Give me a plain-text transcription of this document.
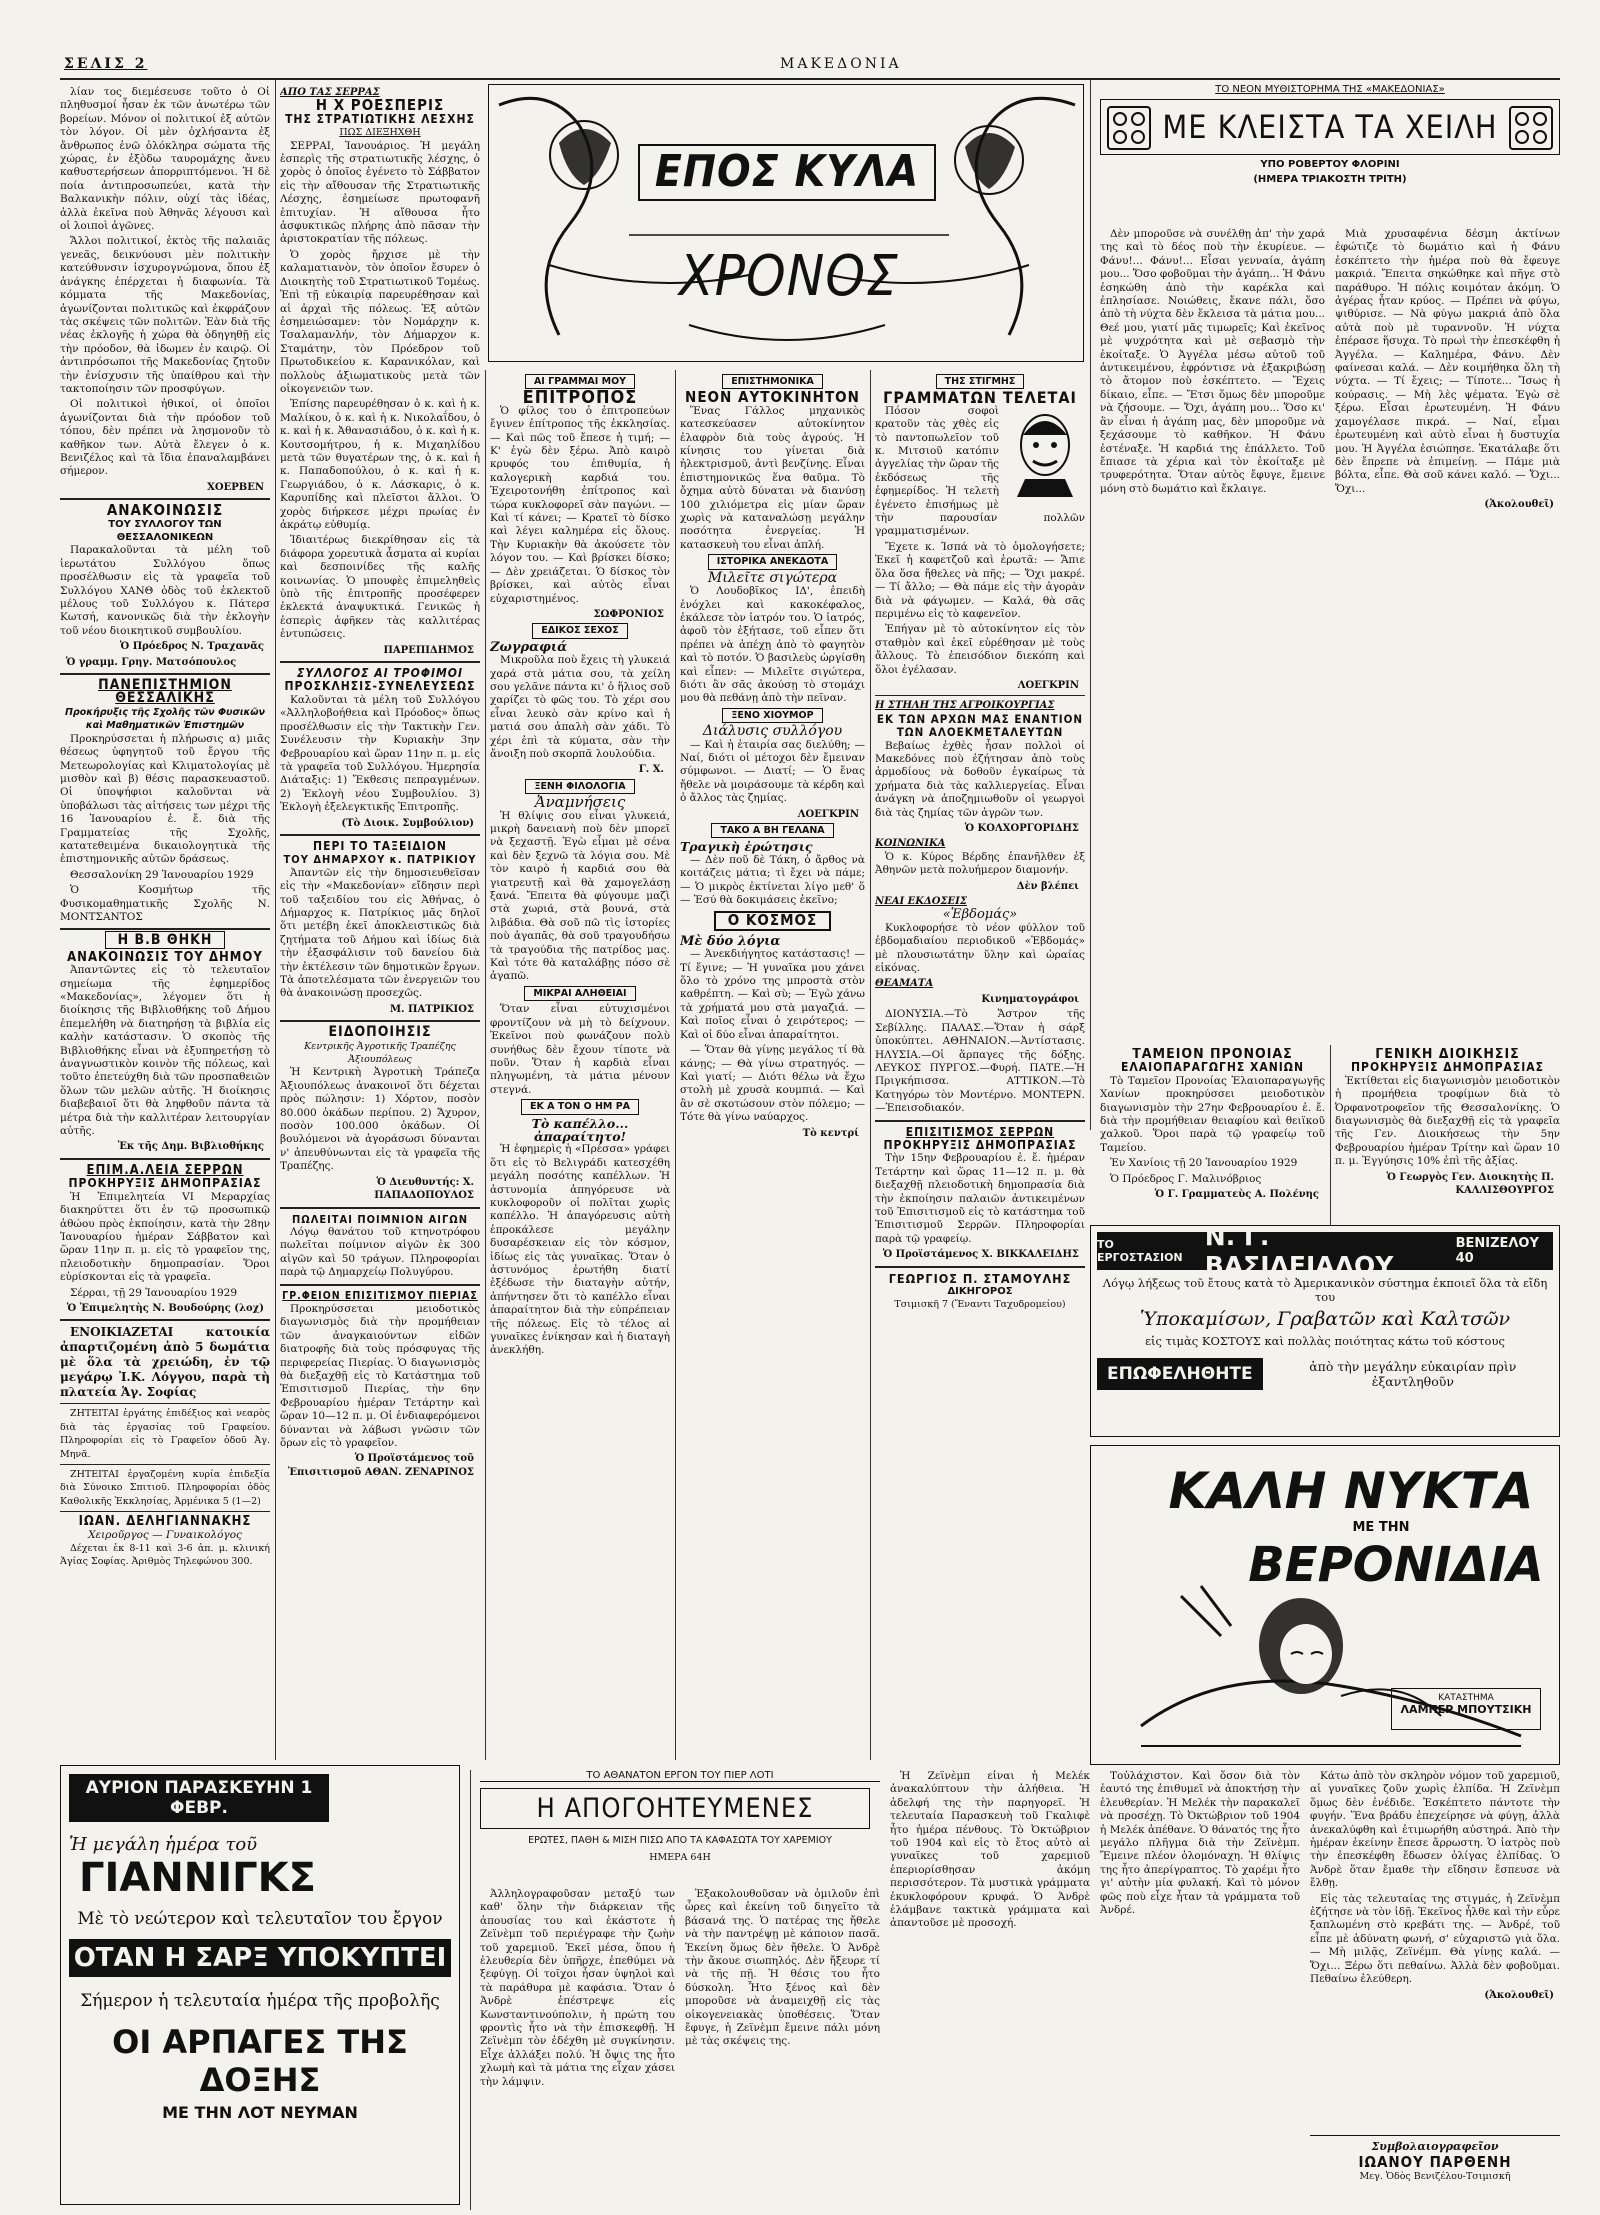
ΣΕΛΙΣ 2	ΜΑΚΕΔΟΝΙΑ

λίαν τος διεμέσευσε τοῦτο ὁ Οἱ πληθυσμοί ἦσαν ἐκ τῶν ἀνωτέρω τῶν βορείων. Μόνον οἱ πολιτικοί ἐξ αὐτῶν τὸν λόγον. Οἱ μὲν ὀχλήσαντα ἐξ ἄνθρωπος ἐνῶ ὁλόκληρα σώματα τῆς χώρας, ἐν ἐξὸδω ταυρομάχης ἄνευ καθυστερήσεων ἀπορριπτόμενοι. Ἡ δὲ ποία ἀντιπροσωπεύει, κατὰ τὴν Βαλκανικὴν πόλιν, οὐχί τὰς ἰδέας, ἀλλὰ ἐκεῖνα ποὺ Ἀθηνᾶς λέγουσι καὶ οἱ λοιποὶ ἀγῶνες.

Ἄλλοι πολιτικοί, ἐκτὸς τῆς παλαιᾶς γενεᾶς, δεικνύουσι μὲν πολιτικὴν κατεύθυνσιν ἰσχυρογνώμονα, ὅπου ἐξ ἀνάγκης ἐπέρχεται ἡ διαφωνία. Τὰ κόμματα τῆς Μακεδονίας, ἀγωνίζονται πολιτικῶς καὶ ἐκφράζουν τὰς σκέψεις τῶν πολιτῶν. Ἐὰν διὰ τῆς νέας ἐκλογῆς ἡ χώρα θὰ ὁδηγηθῇ εἰς τὴν πρόοδον, θὰ ἰδωμεν ἐν καιρῷ. Οἱ ἀντιπρόσωποι τῆς Μακεδονίας ζητοῦν τὴν ἐνίσχυσιν τῆς ὑπαίθρου καὶ τὴν τακτοποίησιν τῶν προσφύγων.

Οἱ πολιτικοὶ ἠθικοί, οἱ ὁποῖοι ἀγωνίζονται διὰ τὴν πρόοδον τοῦ τόπου, δὲν πρέπει νὰ λησμονοῦν τὸ καθῆκον των. Αὐτὰ ἔλεγεν ὁ κ. Βενιζέλος καὶ τὰ ἴδια ἐπαναλαμβάνει σήμερον.

ΧΟΕΡΒΕΝ
ΑΝΑΚΟΙΝΩΣΙΣ
ΤΟΥ ΣΥΛΛΟΓΟΥ ΤΩΝ ΘΕΣΣΑΛΟΝΙΚΕΩΝ

Παρακαλοῦνται τὰ μέλη τοῦ ἱερωτάτου Συλλόγου ὅπως προσέλθωσιν εἰς τὰ γραφεῖα τοῦ Συλλόγου ΧΑΝΘ ὁδὸς τοῦ ἐκλεκτοῦ μέλους τοῦ Συλλόγου κ. Πάτερσ Κωτσή, κανονικῶς διὰ τὴν ἐκλογὴν τοῦ νέου διοικητικοῦ συμβουλίου.

Ὁ Πρόεδρος Ν. Τραχανᾶς
Ὁ γραμμ. Γρηγ. Ματσόπουλος
ΠΑΝΕΠΙΣΤΗΜΙΟΝ ΘΕΣΣΑΛΙΚΗΣ
Προκήρυξις τῆς Σχολῆς τῶν Φυσικῶν καὶ Μαθηματικῶν Ἐπιστημῶν

Προκηρύσσεται ἡ πλήρωσις α) μιᾶς θέσεως ὑφηγητοῦ τοῦ ἔργου τῆς Μετεωρολογίας καὶ Κλιματολογίας μὲ μισθὸν καὶ β) θέσις παρασκευαστοῦ. Οἱ ὑποψήφιοι καλοῦνται νὰ ὑποβάλωσι τὰς αἰτήσεις των μέχρι τῆς 16 Ἰανουαρίου ἐ. ἔ. διὰ τῆς Γραμματείας τῆς Σχολῆς, κατατεθειμένα δικαιολογητικὰ τῆς ἐπιστημονικῆς αὐτῶν δράσεως.

Θεσσαλονίκη 29 Ἰανουαρίου 1929

Ὁ Κοσμήτωρ τῆς Φυσικομαθηματικῆς Σχολῆς Ν. ΜΟΝΤΣΑΝΤΟΣ

Η Β.Β ΘΗΚΗ
ΑΝΑΚΟΙΝΩΣΙΣ ΤΟΥ ΔΗΜΟΥ

Ἀπαντῶντες εἰς τὸ τελευταῖον σημείωμα τῆς ἐφημερίδος «Μακεδονίας», λέγομεν ὅτι ἡ διοίκησις τῆς Βιβλιοθήκης τοῦ Δήμου ἐπεμελήθη νὰ διατηρήσῃ τὰ βιβλία εἰς καλὴν κατάστασιν. Ὁ σκοπὸς τῆς Βιβλιοθήκης εἶναι νὰ ἐξυπηρετήσῃ τὸ ἀναγνωστικὸν κοινὸν τῆς πόλεως, καὶ τοῦτο ἐπετεύχθη διὰ τῶν προσπαθειῶν ὅλων τῶν μελῶν αὐτῆς. Ἡ διοίκησις διαβεβαιοῖ ὅτι θὰ ληφθοῦν πάντα τὰ μέτρα διὰ τὴν καλλιτέραν λειτουργίαν αὐτῆς.

Ἐκ τῆς Δημ. Βιβλιοθήκης
ΕΠΙΜ.Α.ΛΕΙΑ ΣΕΡΡΩΝ
ΠΡΟΚΗΡΥΞΙΣ ΔΗΜΟΠΡΑΣΙΑΣ

Ἡ Ἐπιμελητεία VI Μεραρχίας διακηρύττει ὅτι ἐν τῷ προσωπικῷ ἀθώου πρὸς ἐκποίησιν, κατὰ τὴν 28ην Ἰανουαρίου ἡμέραν Σάββατον καὶ ὥραν 11ην π. μ. εἰς τὸ γραφεῖον της, πλειοδοτικὴν δημοπρασίαν. Ὅροι εὑρίσκονται εἰς τὰ γραφεῖα.

Σέρραι, τῇ 29 Ἰανουαρίου 1929

Ὁ Ἐπιμελητὴς Ν. Βουδούρης (λοχ)

ΕΝΟΙΚΙΑΖΕΤΑΙ κατοικία ἀπαρτιζομένη ἀπὸ 5 δωμάτια μὲ ὅλα τὰ χρειώδη, ἐν τῷ μεγάρῳ Ἰ.Κ. Λόγγου, παρὰ τὴ πλατεία Ἁγ. Σοφίας

ΖΗΤΕΙΤΑΙ ἐργάτης ἐπιδέξιος καὶ νεαρὸς διὰ τὰς ἐργασίας τοῦ Γραφείου. Πληροφορίαι εἰς τὸ Γραφεῖον ὁδοῦ Ἀγ. Μηνᾶ.

ΖΗΤΕΙΤΑΙ ἐργαζομένη κυρία ἐπιδεξία διὰ Σύνοικο Σπιτιοῦ. Πληροφορίαι ὁδὸς Καθολικῆς Ἐκκλησίας, Ἀρμένικα 5 (1—2)

ΙΩΑΝ. ΔΕΛΗΓΙΑΝΝΑΚΗΣ
Χειροῦργος — Γυναικολόγος

Δέχεται ἐκ 8-11 καὶ 3-6 ἀπ. μ. κλινική Ἀγίας Σοφίας. Ἀριθμὸς Τηλεφώνου 300.

ΑΥΡΙΟΝ ΠΑΡΑΣΚΕΥΗΝ 1 ΦΕΒΡ.
Ἡ μεγάλη ἡμέρα τοῦ ΓΙΑΝΝΙΓΚΣ
Μὲ τὸ νεώτερον καὶ τελευταῖον του ἔργον
ΟΤΑΝ Η ΣΑΡΞ ΥΠΟΚΥΠΤΕΙ
Σήμερον ἡ τελευταία ἡμέρα τῆς προβολῆς
ΟΙ ΑΡΠΑΓΕΣ ΤΗΣ ΔΟΞΗΣ
ΜΕ ΤΗΝ ΛΟΤ ΝΕΥΜΑΝ
ΑΠΟ ΤΑΣ ΣΕΡΡΑΣ
Η Χ ΡΟΕΣΠΕΡΙΣ
ΤΗΣ ΣΤΡΑΤΙΩΤΙΚΗΣ ΛΕΣΧΗΣ
ΠΩΣ ΔΙΕΞΗΧΘΗ

ΣΕΡΡΑΙ, Ἰανουάριος. Ἡ μεγάλη ἐσπερὶς τῆς στρατιωτικῆς λέσχης, ὁ χορὸς ὁ ὁποῖος ἐγένετο τὸ Σάββατον εἰς τὴν αἴθουσαν τῆς Στρατιωτικῆς Λέσχης, ἐσημείωσε πρωτοφανῆ ἐπιτυχίαν. Ἡ αἴθουσα ἦτο ἀσφυκτικῶς πλήρης ἀπὸ πᾶσαν τὴν ἀριστοκρατίαν τῆς πόλεως.

Ὁ χορὸς ἤρχισε μὲ τὴν καλαματιανὸν, τὸν ὁποῖον ἔσυρεν ὁ Διοικητὴς τοῦ Στρατιωτικοῦ Τομέως. Ἐπὶ τῇ εὐκαιρίᾳ παρευρέθησαν καὶ αἱ ἀρχαὶ τῆς πόλεως. Ἐξ αὐτῶν ἐσημειώσαμεν: τὸν Νομάρχην κ. Τσαλαμανλήν, τὸν Δήμαρχον κ. Σταμάτην, τὸν Πρόεδρον τοῦ Πρωτοδικείου κ. Καρανικόλαν, καὶ πολλοὺς ἀξιωματικοὺς μετὰ τῶν οἰκογενειῶν των.

Ἐπίσης παρευρέθησαν ὁ κ. καὶ ἡ κ. Μαλίκου, ὁ κ. καὶ ἡ κ. Νικολαΐδου, ὁ κ. καὶ ἡ κ. Ἀθανασιάδου, ὁ κ. καὶ ἡ κ. Κουτσομήτρου, ἡ κ. Μιχαηλίδου μετὰ τῶν θυγατέρων της, ὁ κ. καὶ ἡ κ. Παπαδοπούλου, ὁ κ. καὶ ἡ κ. Γεωργιάδου, ὁ κ. Λάσκαρις, ὁ κ. Καρυπίδης καὶ πλεῖστοι ἄλλοι. Ὁ χορὸς διήρκεσε μέχρι πρωίας ἐν ἀκράτῳ εὐθυμίᾳ.

Ἰδιαιτέρως διεκρίθησαν εἰς τὰ διάφορα χορευτικὰ ἆσματα αἱ κυρίαι καὶ δεσποινίδες τῆς καλῆς κοινωνίας. Ὁ μπουφὲς ἐπιμεληθεὶς ὑπὸ τῆς ἐπιτροπῆς προσέφερεν ἐκλεκτά ἀναψυκτικά. Γενικῶς ἡ ἐσπερὶς ἀφῆκεν τὰς καλλιτέρας ἐντυπώσεις.

ΠΑΡΕΠΙΔΗΜΟΣ
ΣΥΛΛΟΓΟΣ ΑΙ ΤΡΟΦΙΜΟΙ
ΠΡΟΣΚΛΗΣΙΣ-ΣΥΝΕΛΕΥΣΕΩΣ

Καλοῦνται τὰ μέλη τοῦ Συλλόγου «Ἀλληλοβοήθεια καὶ Πρόοδος» ὅπως προσέλθωσιν εἰς τὴν Τακτικὴν Γεν. Συνέλευσιν τὴν Κυριακὴν 3ην Φεβρουαρίου καὶ ὥραν 11ην π. μ. εἰς τὰ γραφεῖα τοῦ Συλλόγου. Ἡμερησία Διάταξις: 1) Ἔκθεσις πεπραγμένων. 2) Ἐκλογὴ νέου Συμβουλίου. 3) Ἐκλογὴ ἐξελεγκτικῆς Ἐπιτροπῆς.

(Τὸ Διοικ. Συμβούλιον)
ΠΕΡΙ ΤΟ ΤΑΞΕΙΔΙΟΝ
ΤΟΥ ΔΗΜΑΡΧΟΥ κ. ΠΑΤΡΙΚΙΟΥ

Ἀπαντῶν εἰς τὴν δημοσιευθεῖσαν εἰς τὴν «Μακεδονίαν» εἴδησιν περὶ τοῦ ταξειδίου του εἰς Ἀθήνας, ὁ Δήμαρχος κ. Πατρίκιος μᾶς δηλοῖ ὅτι μετέβη ἐκεῖ ἀποκλειστικῶς διὰ ζητήματα τοῦ Δήμου καὶ ἰδίως διὰ τὴν ἐξασφάλισιν τοῦ δανείου διὰ τὴν ἐκτέλεσιν τῶν δημοτικῶν ἔργων. Τὰ ἀποτελέσματα τῶν ἐνεργειῶν του θὰ ἀνακοινώσῃ προσεχῶς.

Μ. ΠΑΤΡΙΚΙΟΣ
ΕΙΔΟΠΟΙΗΣΙΣ
Κεντρικῆς Ἀγροτικῆς Τραπέζης Ἀξιουπόλεως

Ἡ Κεντρικὴ Ἀγροτικὴ Τράπεζα Ἀξιουπόλεως ἀνακοινοῖ ὅτι δέχεται πρὸς πώλησιν: 1) Χόρτον, ποσὸν 80.000 ὀκάδων περίπου. 2) Ἄχυρον, ποσὸν 100.000 ὀκάδων. Οἱ βουλόμενοι νὰ ἀγοράσωσι δύνανται ν' ἀπευθύνωνται εἰς τὰ γραφεῖα τῆς Τραπέζης.

Ὁ Διευθυντής: Χ. ΠΑΠΑΔΟΠΟΥΛΟΣ
ΠΩΛΕΙΤΑΙ ΠΟΙΜΝΙΟΝ ΑΙΓΩΝ

Λόγῳ θανάτου τοῦ κτηνοτρόφου πωλεῖται ποίμνιον αἰγῶν ἐκ 300 αἰγῶν καὶ 50 τράγων. Πληροφορίαι παρὰ τῷ Δημαρχείῳ Πολυγύρου.

ΓΡ.ΦΕΙΟΝ ΕΠΙΣΙΤΙΣΜΟΥ ΠΙΕΡΙΑΣ

Προκηρύσσεται μειοδοτικὸς διαγωνισμὸς διὰ τὴν προμήθειαν τῶν ἀναγκαιούντων εἰδῶν διατροφῆς διὰ τοὺς πρόσφυγας τῆς περιφερείας Πιερίας. Ὁ διαγωνισμὸς θὰ διεξαχθῇ εἰς τὸ Κατάστημα τοῦ Ἐπισιτισμοῦ Πιερίας, τὴν 6ην Φεβρουαρίου ἡμέραν Τετάρτην καὶ ὥραν 10—12 π. μ. Οἱ ἐνδιαφερόμενοι δύνανται νὰ λάβωσι γνῶσιν τῶν ὅρων εἰς τὸ γραφεῖον.

Ὁ Προϊστάμενος τοῦ Ἐπισιτισμοῦ ΑΘΑΝ. ΖΕΝΑΡΙΝΟΣ
ΕΠΟΣ ΚΥΛΑ
ΧΡΟΝΟΣ
ΑΙ ΓΡΑΜΜΑΙ ΜΟΥ
ΕΠΙΤΡΟΠΟΣ

Ὁ φίλος του ὁ ἐπιτροπεύων ἔγινεν ἐπίτροπος τῆς ἐκκλησίας. — Καὶ πῶς τοῦ ἔπεσε ἡ τιμή; — Κ' ἐγὼ δὲν ξέρω. Ἀπὸ καιρὸ κρυφός του ἐπιθυμία, ἡ καλογερικὴ καρδιά του. Ἐχειροτονήθη ἐπίτροπος καὶ τώρα κυκλοφορεῖ σὰν παγώνι. — Καὶ τί κάνει; — Κρατεῖ τὸ δίσκο καὶ λέγει καλημέρα εἰς ὅλους. Τὴν Κυριακὴν θὰ ἀκούσετε τὸν λόγον του. — Καὶ βρίσκει δίσκο; — Δὲν χρειάζεται. Ὁ δίσκος τὸν βρίσκει, καὶ αὐτὸς εἶναι εὐχαριστημένος.

ΣΩΦΡΟΝΙΟΣ
ΕΔΙΚΟΣ ΣΕΧΟΣ
Ζωγραφιά

Μικροῦλα ποὺ ἔχεις τὴ γλυκειά χαρά στὰ μάτια σου, τὰ χείλη σου γελᾶνε πάντα κι' ὁ ἥλιος σοῦ χαρίζει τὸ φῶς του. Τὸ χέρι σου εἶναι λευκὸ σὰν κρίνο καὶ ἡ ματιά σου ἁπαλὴ σὰν χάδι. Τὸ χέρι ἐπὶ τὰ κύματα, σὰν τὴν ἄνοιξη ποὺ σκορπᾶ λουλούδια.

Γ. Χ.
ΞΕΝΗ ΦΙΛΟΛΟΓΙΑ
Ἀναμνήσεις

Ἡ θλίψις σου εἶναι γλυκειά, μικρὴ δανειανὴ ποὺ δὲν μπορεῖ νὰ ξεχαστῇ. Ἐγὼ εἶμαι μὲ σένα καὶ δὲν ξεχνῶ τὰ λόγια σου. Μὲ τὸν καιρὸ ἡ καρδιά σου θὰ γιατρευτῇ καὶ θὰ χαμογελάσῃ ξανά. Ἔπειτα θὰ φύγουμε μαζὶ στὰ χωριά, στὰ βουνά, στὰ λιβάδια. Θὰ σοῦ πῶ τὶς ἱστορίες ποὺ ἀγαπᾶς, θὰ σοῦ τραγουδήσω τὰ τραγούδια τῆς πατρίδος μας. Καὶ τότε θὰ καταλάβῃς πόσο σὲ ἀγαπῶ.

ΜΙΚΡΑΙ ΑΛΗΘΕΙΑΙ

Ὅταν εἶναι εὐτυχισμένοι φροντίζουν νὰ μὴ τὸ δείχνουν. Ἐκεῖνοι ποὺ φωνάζουν πολὺ συνήθως δὲν ἔχουν τίποτε νὰ ποῦν. Ὅταν ἡ καρδιὰ εἶναι πληγωμένη, τὰ μάτια μένουν στεγνά.

ΕΚ Α ΤΟΝ Ο ΗΜ ΡΑ
Τὸ καπέλλο... ἀπαραίτητο!

Ἡ ἐφημερὶς ἡ «Πρέσσα» γράφει ὅτι εἰς τὸ Βελιγράδι κατεσχέθη μεγάλη ποσότης καπέλλων. Ἡ ἀστυνομία ἀπηγόρευσε νὰ κυκλοφοροῦν οἱ πολῖται χωρὶς καπέλλο. Ἡ ἀπαγόρευσις αὐτὴ ἐπροκάλεσε μεγάλην δυσαρέσκειαν εἰς τὸν κόσμον, ἰδίως εἰς τὰς γυναῖκας. Ὅταν ὁ ἀστυνόμος ἐρωτήθη διατί ἐξέδωσε τὴν διαταγὴν αὐτήν, ἀπήντησεν ὅτι τὸ καπέλλο εἶναι ἀπαραίτητον διὰ τὴν εὐπρέπειαν τῆς πόλεως. Εἰς τὸ τέλος αἱ γυναῖκες ἐνίκησαν καὶ ἡ διαταγὴ ἀνεκλήθη.

ΕΠΙΣΤΗΜΟΝΙΚΑ
ΝΕΟΝ ΑΥΤΟΚΙΝΗΤΟΝ

Ἕνας Γάλλος μηχανικὸς κατεσκεύασεν αὐτοκίνητον ἐλαφρὸν διὰ τοὺς ἀγρούς. Ἡ κίνησις του γίνεται διὰ ἠλεκτρισμοῦ, ἀντὶ βενζίνης. Εἶναι ἐπιστημονικῶς ἕνα θαῦμα. Τὸ ὄχημα αὐτὸ δύναται νὰ διανύσῃ 100 χιλιόμετρα εἰς μίαν ὥραν χωρὶς νὰ καταναλώσῃ μεγάλην ποσότητα ἐνεργείας. Ἡ κατασκευὴ του εἶναι ἁπλή.

ΙΣΤΟΡΙΚΑ ΑΝΕΚΔΟΤΑ
Μιλεῖτε σιγώτερα

Ὁ Λουδοβῖκος ΙΔ', ἐπειδὴ ἐνόχλει καὶ κακοκέφαλος, ἐκάλεσε τὸν ἰατρόν του. Ὁ ἰατρός, ἀφοῦ τὸν ἐξήτασε, τοῦ εἶπεν ὅτι πρέπει νὰ ἀπέχῃ ἀπὸ τὸ φαγητὸν καὶ τὸ ποτόν. Ὁ βασιλεὺς ὠργίσθη καὶ εἶπεν: — Μιλεῖτε σιγώτερα, διότι ἂν σᾶς ἀκούσῃ τὸ στομάχι μου θὰ πεθάνῃ ἀπὸ τὴν πεῖναν.

ΞΕΝΟ ΧΙΟΥΜΟΡ
Διάλυσις συλλόγου

— Καὶ ἡ ἑταιρία σας διελύθη; — Ναί, διότι οἱ μέτοχοι δὲν ἔμειναν σύμφωνοι. — Διατί; — Ὁ ἕνας ἤθελε νὰ μοιράσουμε τὰ κέρδη καὶ ὁ ἄλλος τὰς ζημίας.

ΛΟΕΓΚΡΙΝ
ΤΑΚΟ Α ΒΗ ΓΕΛΑΝΑ
Τραγικὴ ἐρώτησις

— Δὲν ποῦ δὲ Τάκη, ὁ ἄρθος νὰ κοιτάζεις μάτια; τὶ ἔχει νὰ πάμε; — Ὁ μικρὸς ἐκτίνεται λίγο μεθ' ὅ — Ἐσύ θὰ δοκιμάσεις ἐκεῖνο;

Ο ΚΟΣΜΟΣ
Μὲ δύο λόγια

— Ἀνεκδιήγητος κατάστασις! — Τί ἔγινε; — Ἡ γυναῖκα μου χάνει ὅλο τὸ χρόνο της μπροστὰ στὸν καθρέπτη. — Καὶ σὺ; — Ἐγὼ χάνω τὰ χρήματά μου στὰ μαγαζιά. — Καὶ ποῖος εἶναι ὁ χειρότερος; — Καὶ οἱ δύο εἶναι ἀπαραίτητοι.

— Ὅταν θὰ γίνῃς μεγάλος τί θὰ κάνῃς; — Θὰ γίνω στρατηγός. — Καὶ γιατί; — Διότι θέλω νὰ ἔχω στολὴ μὲ χρυσὰ κουμπιά. — Καὶ ἂν σὲ σκοτώσουν στὸν πόλεμο; — Τότε θὰ γίνω ναύαρχος.

Τὸ κεντρί
ΤΗΣ ΣΤΙΓΜΗΣ
ΓΡΑΜΜΑΤΩΝ ΤΕΛΕΤΑΙ

Πόσον σοφοὶ κρατοῦν τὰς χθὲς εἰς τὸ παντοπωλεῖον τοῦ κ. Μιτσιοῦ κατόπιν ἀγγελίας τὴν ὥραν τῆς ἐκδόσεως τῆς ἐφημερίδος. Ἡ τελετὴ ἐγένετο ἐπισήμως μὲ τὴν παρουσίαν πολλῶν γραμματισμένων.

Ἔχετε κ. Ἰσπά νὰ τὸ ὁμολογήσετε; Ἐκεῖ ἡ καφετζοῦ καὶ ἐρωτᾶ: — Ἄπιε ὅλα ὅσα ἤθελες νὰ πῆς; — Ὄχι μακρέ. — Τί ἄλλο; — Θὰ πάμε εἰς τὴν ἀγορὰν διὰ νὰ φάγωμεν. — Καλά, θὰ σᾶς περιμένω εἰς τὸ καφενεῖον.

Ἐπήγαν μὲ τὸ αὐτοκίνητον εἰς τὸν σταθμὸν καὶ ἐκεῖ εὑρέθησαν μὲ τοὺς ἄλλους. Τὸ ἐπεισόδιον διεκόπη καὶ ὅλοι ἐγέλασαν.

ΛΟΕΓΚΡΙΝ
Η ΣΤΗΛΗ ΤΗΣ ΑΓΡΟΙΚΟΥΡΓΙΑΣ
ΕΚ ΤΩΝ ΑΡΧΩΝ ΜΑΣ ΕΝΑΝΤΙΟΝ ΤΩΝ ΑΛΟΕΚΜΕΤΑΛΕΥΤΩΝ

Βεβαίως ἐχθὲς ἦσαν πολλοὶ οἱ Μακεδόνες ποὺ ἐζήτησαν ἀπὸ τοὺς ἀρμοδίους νὰ δοθοῦν ἐγκαίρως τὰ χρήματα διὰ τὰς καλλιεργείας. Εἶναι ἀνάγκη νὰ ἀποζημιωθοῦν οἱ γεωργοὶ διὰ τὰς ζημίας τῶν ἀγρῶν των.

Ὁ ΚΟΛΧΟΡΓΟΡΙΔΗΣ
ΚΟΙΝΩΝΙΚΑ

Ὁ κ. Κύρος Βέρδης ἐπανῆλθεν ἐξ Ἀθηνῶν μετὰ πολυήμερον διαμονήν.

Δὲν βλέπει
ΝΕΑΙ ΕΚΔΟΣΕΙΣ
«Ἑβδομάς»

Κυκλοφορήσε τὸ νέον φύλλον τοῦ ἐβδομαδιαίου περιοδικοῦ «Ἑβδομάς» μὲ πλουσιωτάτην ὕλην καὶ ὡραίας εἰκόνας.

ΘΕΑΜΑΤΑ
Κινηματογράφοι

ΔΙΟΝΥΣΙΑ.—Τὸ Ἄστρον τῆς Σεβίλλης. ΠΑΛΑΣ.—Ὅταν ἡ σάρξ ὑποκύπτει. ΑΘΗΝΑΙΟΝ.—Ἀντίστασις. ΗΛΥΣΙΑ.—Οἱ ἅρπαγες τῆς δόξης. ΛΕΥΚΟΣ ΠΥΡΓΟΣ.—Φυρή. ΠΑΤΕ.—Ἡ Πριγκήπισσα. ΑΤΤΙΚΟΝ.—Τὸ Κατηγόρω τὸν Μοντέρνο. ΜΟΝΤΕΡΝ.—Ἐπεισοδιακόν.

ΕΠΙΣΙΤΙΣΜΟΣ ΣΕΡΡΩΝ
ΠΡΟΚΗΡΥΞΙΣ ΔΗΜΟΠΡΑΣΙΑΣ

Τὴν 15ην Φεβρουαρίου ἐ. ἔ. ἡμέραν Τετάρτην καὶ ὥρας 11—12 π. μ. θὰ διεξαχθῇ πλειοδοτικὴ δημοπρασία διὰ τὴν ἐκποίησιν παλαιῶν ἀντικειμένων τοῦ Ἐπισιτισμοῦ εἰς τὸ κατάστημα τοῦ Ἐπισιτισμοῦ Σερρῶν. Πληροφορίαι παρὰ τῷ γραφείῳ.

Ὁ Προϊστάμενος Χ. ΒΙΚΚΑΛΕΙΔΗΣ
ΓΕΩΡΓΙΟΣ Π. ΣΤΑΜΟΥΛΗΣ
ΔΙΚΗΓΟΡΟΣ
Τσιμισκῆ 7 (Ἔναντι Ταχυδρομείου)
ΤΟ ΝΕΟΝ ΜΥΘΙΣΤΟΡΗΜΑ ΤΗΣ «ΜΑΚΕΔΟΝΙΑΣ»
ΜΕ ΚΛΕΙΣΤΑ ΤΑ ΧΕΙΛΗ
ΥΠΟ ΡΟΒΕΡΤΟΥ ΦΛΟΡΙΝΙ
(ΗΜΕΡΑ ΤΡΙΑΚΟΣΤΗ ΤΡΙΤΗ)

Δὲν μποροῦσε νὰ συνέλθῃ ἀπ' τὴν χαρά της καὶ τὸ δέος ποὺ τὴν ἐκυρίευε. — Φάνυ!... Φάνυ!... Εἶσαι γενναία, ἀγάπη μου... Ὅσο φοβοῦμαι τὴν ἀγάπη... Ἡ Φάνυ ἐσηκώθη ἀπὸ τὴν καρέκλα καὶ ἐπλησίασε. Νοιώθεις, ἔκανε πάλι, ὅσο ἀπὸ τὴ νύχτα δὲν ἔκλεισα τὰ μάτια μου... Θεέ μου, γιατί μᾶς τιμωρεῖς; Καὶ ἐκεῖνος μὲ ψυχρότητα καὶ μὲ σεβασμὸ τὴν ἐκοίταξε. Ὁ Ἀγγέλα μέσω αὐτοῦ τοῦ ἀντικειμένου, ἐφρόντισε νὰ ἐξακριβώσῃ τὸ ἄτομον ποὺ ἐσκέπτετο. — Ἔχεις δίκαιο, εἶπε. — Ἔτσι ὅμως δὲν μποροῦμε νὰ ζήσουμε. — Ὄχι, ἀγάπη μου... Ὅσο κι' ἂν εἶναι ἡ ἀγάπη μας, δὲν μποροῦμε νὰ ξεχάσουμε τὸ καθῆκον. Ἡ Φάνυ ἐστέναξε. Ἡ καρδιά της ἐπάλλετο. Τοῦ ἔπιασε τὰ χέρια καὶ τὸν ἐκοίταξε μὲ τρυφερότητα. Ὅταν αὐτὸς ἔφυγε, ἔμεινε μόνη στὸ δωμάτιο καὶ ἔκλαιγε.

Μιὰ χρυσαφένια δέσμη ἀκτίνων ἐφώτιζε τὸ δωμάτιο καὶ ἡ Φάνυ ἐσκέπτετο τὴν ἡμέρα ποὺ θὰ ἔφευγε μακριά. Ἔπειτα σηκώθηκε καὶ πῆγε στὸ παράθυρο. Ἡ πόλις κοιμόταν ἀκόμη. Ὁ ἀγέρας ἦταν κρύος. — Πρέπει νὰ φύγω, ψιθύρισε. — Νὰ φύγω μακριά ἀπὸ ὅλα αὐτὰ ποὺ μὲ τυραννοῦν. Ἡ νύχτα ἐπέρασε ἥσυχα. Τὸ πρωὶ τὴν ἐπεσκέφθη ἡ Ἀγγέλα. — Καλημέρα, Φάνυ. Δὲν φαίνεσαι καλά. — Δὲν κοιμήθηκα ὅλη τὴ νύχτα. — Τί ἔχεις; — Τίποτε... Ἴσως ἡ κούρασις. — Μὴ λὲς ψέματα. Ἐγὼ σὲ ξέρω. Εἶσαι ἐρωτευμένη. Ἡ Φάνυ χαμογέλασε πικρά. — Ναί, εἶμαι ἐρωτευμένη καὶ αὐτὸ εἶναι ἡ δυστυχία μου. Ἡ Ἀγγέλα ἐσιώπησε. Ἐκατάλαβε ὅτι δὲν ἔπρεπε νὰ ἐπιμείνῃ. — Πάμε μιὰ βόλτα, εἶπε. Θὰ σοῦ κάνει καλό. — Ὄχι... Ὄχι...

(Ἀκολουθεῖ)
ΤΑΜΕΙΟΝ ΠΡΟΝΟΙΑΣ
ΕΛΑΙΟΠΑΡΑΓΩΓΗΣ ΧΑΝΙΩΝ

Τὸ Ταμεῖον Προνοίας Ἐλαιοπαραγωγῆς Χανίων προκηρύσσει μειοδοτικὸν διαγωνισμὸν τὴν 27ην Φεβρουαρίου ἐ. ἔ. διὰ τὴν προμήθειαν θειαφίου καὶ θειϊκοῦ χαλκοῦ. Ὅροι παρὰ τῷ γραφείῳ τοῦ Ταμείου.

Ἐν Χανίοις τῇ 20 Ἰανουαρίου 1929

Ὁ Πρόεδρος Γ. Μαλινόβριος

Ὁ Γ. Γραμματεὺς Α. Πολένης
ΓΕΝΙΚΗ ΔΙΟΙΚΗΣΙΣ
ΠΡΟΚΗΡΥΞΙΣ ΔΗΜΟΠΡΑΣΙΑΣ

Ἐκτίθεται εἰς διαγωνισμὸν μειοδοτικὸν ἡ προμήθεια τροφίμων διὰ τὸ Ὀρφανοτροφεῖον τῆς Θεσσαλονίκης. Ὁ διαγωνισμὸς θὰ διεξαχθῇ εἰς τὰ γραφεῖα τῆς Γεν. Διοικήσεως τὴν 5ην Φεβρουαρίου ἡμέραν Τρίτην καὶ ὥραν 10 π. μ. Ἐγγύησις 10% ἐπὶ τῆς ἀξίας.

Ὁ Γεωργὸς Γεν. Διοικητὴς Π. ΚΑΛΛΙΣΘΟΥΡΓΟΣ
ΤΟ ΕΡΓΟΣΤΑΣΙΟΝ
Ν. Γ. ΒΑΣΙΛΕΙΑΔΟΥ
ΒΕΝΙΖΕΛΟΥ 40
Λόγῳ λήξεως τοῦ ἔτους κατὰ τὸ Ἀμερικανικὸν σύστημα ἐκποιεῖ ὅλα τὰ εἴδη του
Ὑποκαμίσων, Γραβατῶν καὶ Καλτσῶν
εἰς τιμὰς ΚΟΣΤΟΥΣ καὶ πολλὰς ποιότητας κάτω τοῦ κόστους
ΕΠΩΦΕΛΗΘΗΤΕ	ἀπὸ τὴν μεγάλην εὐκαιρίαν πρὶν ἐξαντληθοῦν
ΚΑΛΗ ΝΥΚΤΑ
ΜΕ ΤΗΝ
ΒΕΡΟΝΙΔΙΑ
ΚΑΤΑΣΤΗΜΑ
ΛΑΜΠΕΡ ΜΠΟΥΤΣΙΚΗ
ΤΟ ΑΘΑΝΑΤΟΝ ΕΡΓΟΝ ΤΟΥ ΠΙΕΡ ΛΟΤΙ
Η ΑΠΟΓΟΗΤΕΥΜΕΝΕΣ
ΕΡΩΤΕΣ, ΠΑΘΗ & ΜΙΣΗ ΠΙΣΩ ΑΠΟ ΤΑ ΚΑΦΑΣΩΤΑ ΤΟΥ ΧΑΡΕΜΙΟΥ
ΗΜΕΡΑ 64Η

Ἀλληλογραφοῦσαν μεταξύ των καθ' ὅλην τὴν διάρκειαν τῆς ἀπουσίας του καὶ ἐκάστοτε ἡ Ζεϊνὲμπ τοῦ περιέγραφε τὴν ζωὴν τοῦ χαρεμιοῦ. Ἐκεῖ μέσα, ὅπου ἡ ἐλευθερία δὲν ὑπῆρχε, ἐπεθύμει νὰ ξεφύγῃ. Οἱ τοῖχοι ἦσαν ὑψηλοὶ καὶ τὰ παράθυρα μὲ καφάσια. Ὅταν ὁ Ἀνδρὲ ἐπέστρεψε εἰς Κωνσταντινούπολιν, ἡ πρώτη του φροντὶς ἦτο νὰ τὴν ἐπισκεφθῇ. Ἡ Ζεϊνὲμπ τὸν ἐδέχθη μὲ συγκίνησιν. Εἶχε ἀλλάξει πολύ. Ἡ ὄψις της ἦτο χλωμὴ καὶ τὰ μάτια της εἶχαν χάσει τὴν λάμψιν.

Ἐξακολουθοῦσαν νὰ ὁμιλοῦν ἐπὶ ὧρες καὶ ἐκείνη τοῦ διηγεῖτο τὰ βάσανά της. Ὁ πατέρας της ἤθελε νὰ τὴν παντρέψῃ μὲ κάποιον πασᾶ. Ἐκείνη ὅμως δὲν ἤθελε. Ὁ Ἀνδρὲ τὴν ἄκουε σιωπηλός. Δὲν ἤξευρε τί νὰ τῆς πῇ. Ἡ θέσις του ἦτο δύσκολη. Ἦτο ξένος καὶ δὲν μποροῦσε νὰ ἀναμειχθῇ εἰς τὰς οἰκογενειακὰς ὑποθέσεις. Ὅταν ἔφυγε, ἡ Ζεϊνὲμπ ἔμεινε πάλι μόνη μὲ τὰς σκέψεις της.

Ἡ Ζεϊνὲμπ εἶναι ἡ Μελέκ ἀνακαλύπτουν τὴν ἀλήθεια. Ἡ ἀδελφή της τὴν παρηγορεῖ. Ἡ τελευταία Παρασκευὴ τοῦ Γκαλιφὲ ἦτο ἡμέρα πένθους. Τὸ Ὀκτώβριον τοῦ 1904 καὶ εἰς τὸ ἔτος αὐτὸ αἱ γυναῖκες τοῦ χαρεμιοῦ ἐπεριορίσθησαν ἀκόμη περισσότερον. Τὰ μυστικὰ γράμματα ἐκυκλοφόρουν κρυφά. Ὁ Ἀνδρὲ ἐλάμβανε τακτικὰ γράμματα καὶ ἀπαντοῦσε μὲ προσοχή.

Τοὐλάχιστον. Καὶ ὅσον διὰ τὸν ἑαυτό της ἐπιθυμεῖ νὰ ἀποκτήσῃ τὴν ἐλευθερίαν. Ἡ Μελέκ τὴν παρακαλεῖ νὰ προσέχῃ. Τὸ Ὀκτώβριον τοῦ 1904 ἡ Μελέκ ἀπέθανε. Ὁ θάνατός της ἦτο μεγάλο πλῆγμα διὰ τὴν Ζεϊνὲμπ. Ἔμεινε πλέον ὁλομόναχη. Ἡ θλίψις της ἦτο ἀπερίγραπτος. Τὸ χαρέμι ἦτο γι' αὐτὴν μία φυλακή. Καὶ τὸ μόνον φῶς ποὺ εἶχε ἦταν τὰ γράμματα τοῦ Ἀνδρέ.

Κάτω ἀπὸ τὸν σκληρὸν νόμον τοῦ χαρεμιοῦ, αἱ γυναῖκες ζοῦν χωρὶς ἐλπίδα. Ἡ Ζεϊνὲμπ ὅμως δὲν ἐνέδιδε. Ἐσκέπτετο πάντοτε τὴν φυγήν. Ἕνα βράδυ ἐπεχείρησε νὰ φύγῃ, ἀλλὰ ἀνεκαλύφθη καὶ ἐτιμωρήθη αὐστηρά. Ἀπὸ τὴν ἡμέραν ἐκείνην ἔπεσε ἄρρωστη. Ὁ ἰατρὸς ποὺ τὴν ἐπεσκέφθη ἔδωσεν ὀλίγας ἐλπίδας. Ὁ Ἀνδρὲ ὅταν ἔμαθε τὴν εἴδησιν ἔσπευσε νὰ ἔλθῃ.

Εἰς τὰς τελευταίας της στιγμάς, ἡ Ζεϊνὲμπ ἐζήτησε νὰ τὸν ἰδῇ. Ἐκεῖνος ἦλθε καὶ τὴν εὗρε ξαπλωμένη στὸ κρεβάτι της. — Ἀνδρέ, τοῦ εἶπε μὲ ἀδύνατη φωνή, σ' εὐχαριστῶ γιὰ ὅλα. — Μὴ μιλᾷς, Ζεϊνέμπ. Θὰ γίνῃς καλά. — Ὄχι... Ξέρω ὅτι πεθαίνω. Ἀλλὰ δὲν φοβοῦμαι. Πεθαίνω ἐλεύθερη.

(Ἀκολουθεῖ)
Συμβολαιογραφεῖον
ΙΩΑΝΟΥ ΠΑΡΘΕΝΗ
Μεγ. Ὁδὸς Βενιζέλου-Τσιμισκῆ
